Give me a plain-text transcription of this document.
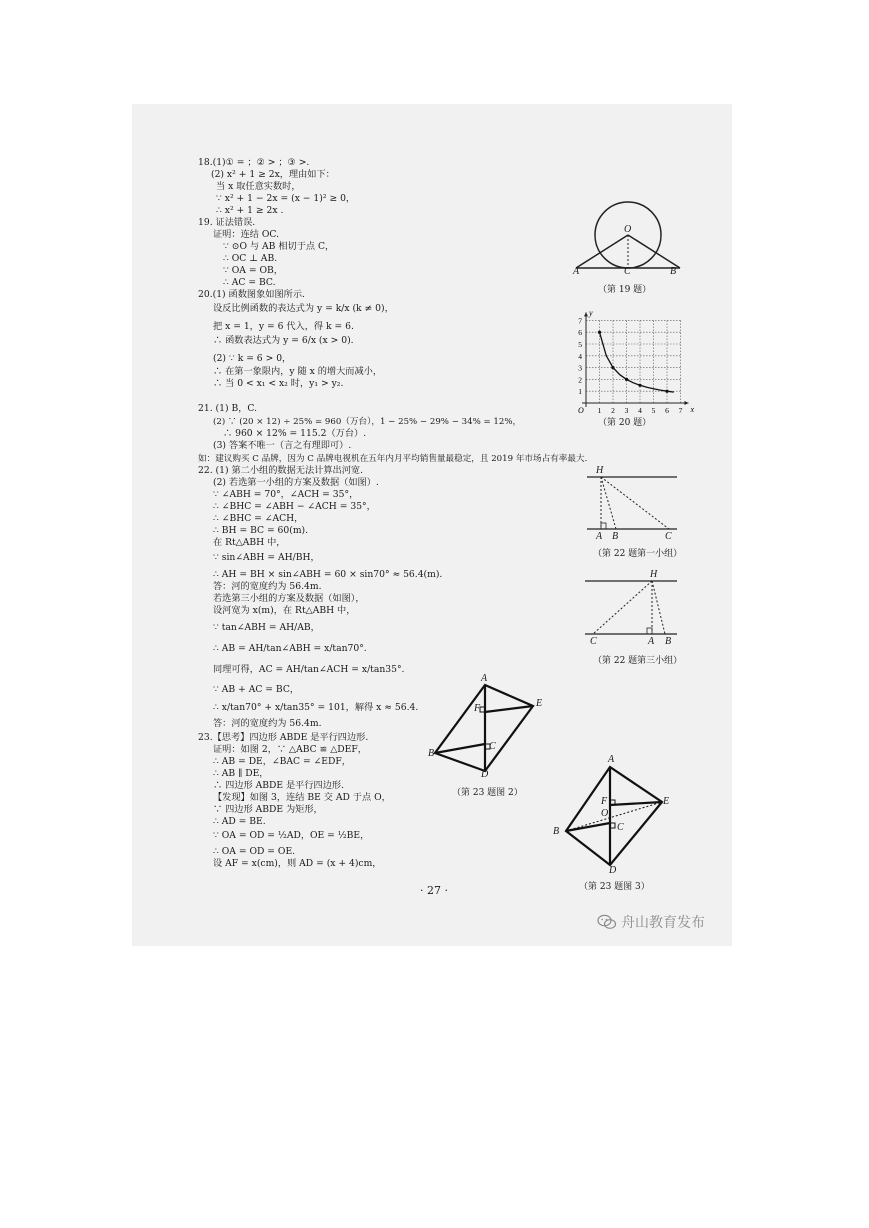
18.(1)① = ；② > ；③ >.
(2) x² + 1 ≥ 2x，理由如下：
当 x 取任意实数时，
∵ x² + 1 − 2x = (x − 1)² ≥ 0，
∴ x² + 1 ≥ 2x .
19. 证法错误.
证明：连结 OC.
∵ ⊙O 与 AB 相切于点 C，
∴ OC ⊥ AB.
∵ OA = OB，
∴ AC = BC.
20.(1) 函数图象如图所示.
设反比例函数的表达式为 y = k/x (k ≠ 0)，
把 x = 1，y = 6 代入，得 k = 6.
∴ 函数表达式为 y = 6/x (x > 0).
(2) ∵ k = 6 > 0，
∴ 在第一象限内，y 随 x 的增大而减小，
∴ 当 0 < x₁ < x₂ 时，y₁ > y₂.
21. (1) B，C.
(2) ∵ (20 × 12) ÷ 25% = 960（万台），1 − 25% − 29% − 34% = 12%，
∴ 960 × 12% = 115.2（万台）.
(3) 答案不唯一（言之有理即可）.
如：建议购买 C 品牌，因为 C 品牌电视机在五年内月平均销售量最稳定，且 2019 年市场占有率最大.
22. (1) 第二小组的数据无法计算出河宽.
(2) 若选第一小组的方案及数据（如图）.
∵ ∠ABH = 70°，∠ACH = 35°，
∴ ∠BHC = ∠ABH − ∠ACH = 35°，
∴ ∠BHC = ∠ACH，
∴ BH = BC = 60(m).
在 Rt△ABH 中，
∵ sin∠ABH = AH/BH，
∴ AH = BH × sin∠ABH = 60 × sin70° ≈ 56.4(m).
答：河的宽度约为 56.4m.
若选第三小组的方案及数据（如图），
设河宽为 x(m)，在 Rt△ABH 中，
∵ tan∠ABH = AH/AB，
∴ AB = AH/tan∠ABH = x/tan70°.
同理可得，AC = AH/tan∠ACH = x/tan35°.
∵ AB + AC = BC，
∴ x/tan70° + x/tan35° = 101，解得 x ≈ 56.4.
答：河的宽度约为 56.4m.
23.【思考】四边形 ABDE 是平行四边形.
证明：如图 2，∵ △ABC ≌ △DEF，
∴ AB = DE，∠BAC = ∠EDF，
∴ AB ∥ DE，
∴ 四边形 ABDE 是平行四边形.
【发现】如图 3，连结 BE 交 AD 于点 O，
∵ 四边形 ABDE 为矩形，
∴ AD = BE.
∵ OA = OD = ½AD，OE = ½BE，
∴ OA = OD = OE.
设 AF = x(cm)，则 AD = (x + 4)cm，
O
A	C	B
（第 19 题）
1 2 3 4 5 6 7
1
2
3
4
5
6
7
O	x
y
（第 20 题）
H
A B	C
（第 22 题第一小组）
H
C	A B
（第 22 题第三小组）
A
E
F
C
B
D
（第 23 题图 2）
A
E
F
O
C
B
D
（第 23 题图 3）
· 27 ·
舟山教育发布
